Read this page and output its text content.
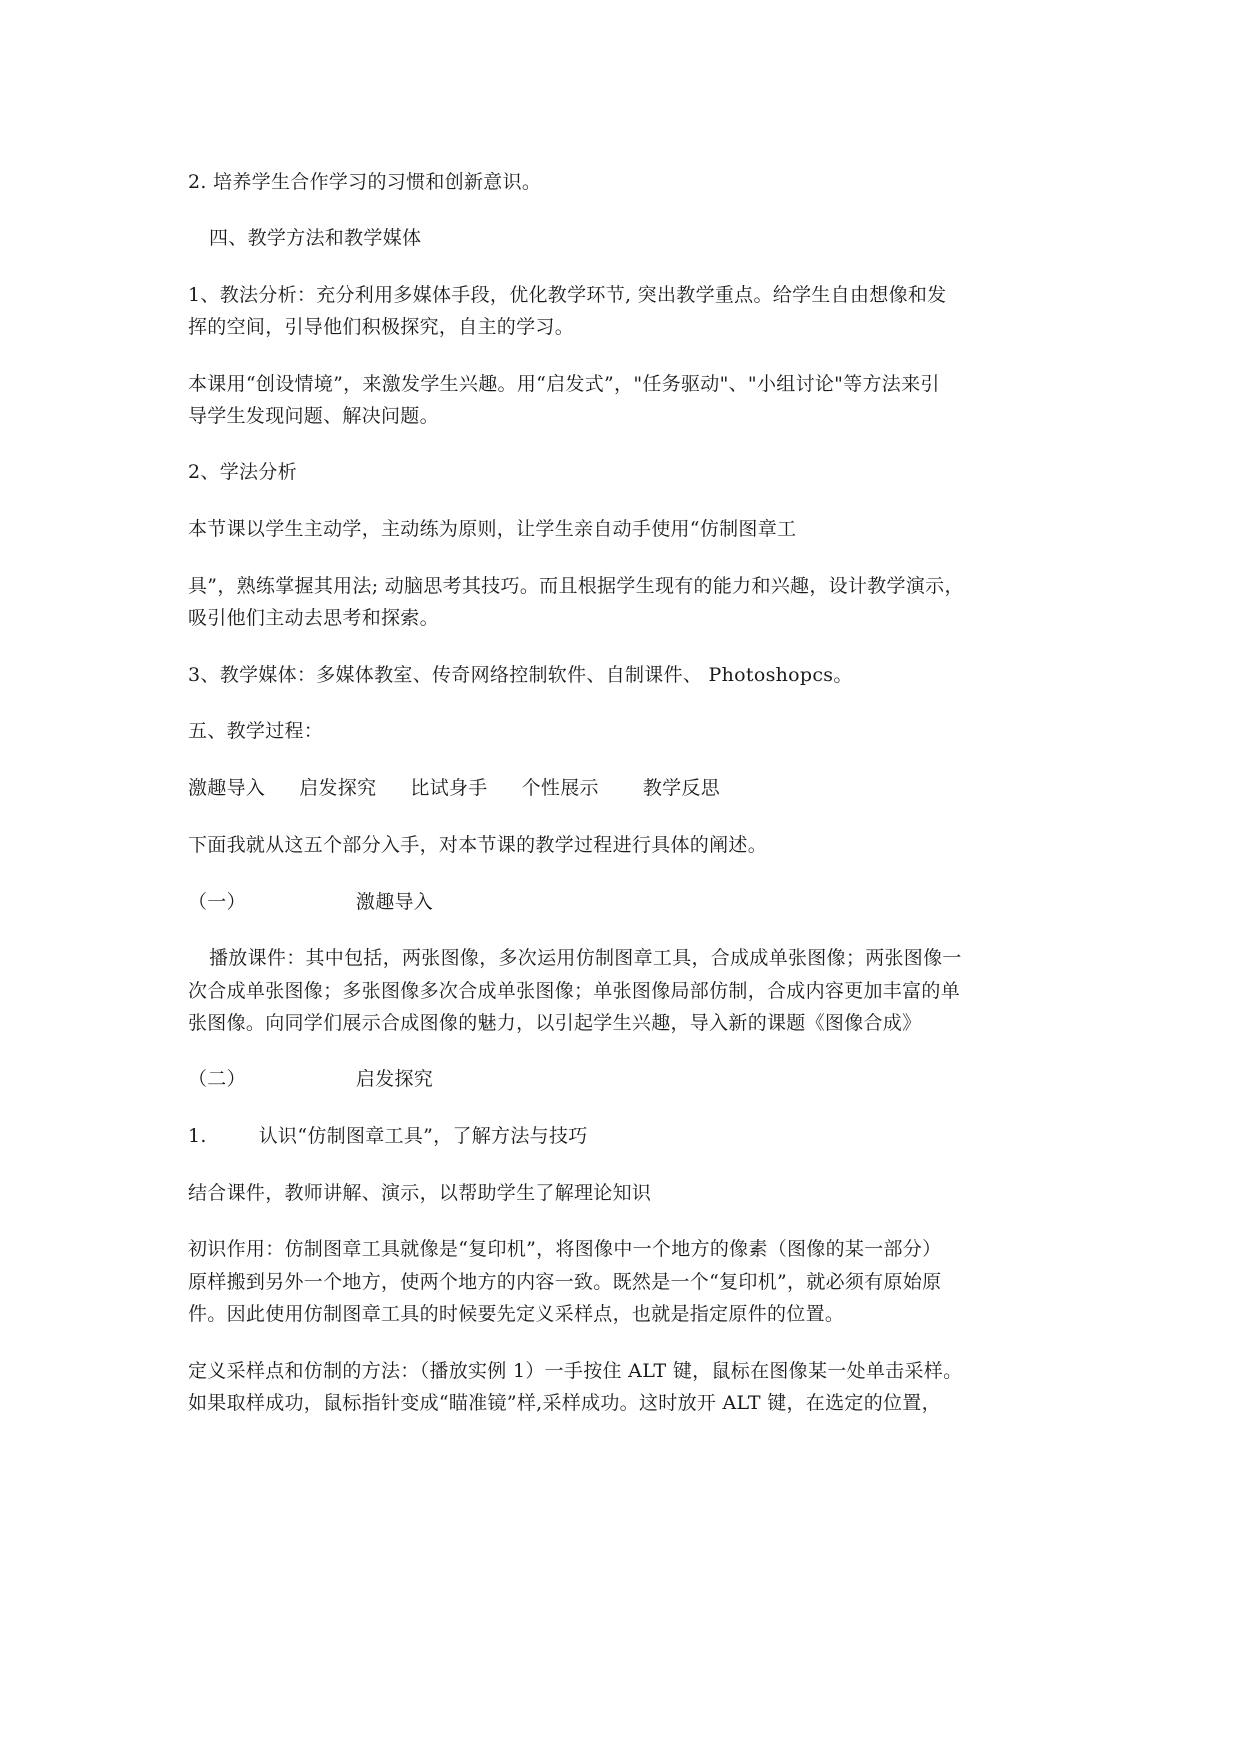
2. 培养学生合作学习的习惯和创新意识。

四、教学方法和教学媒体

1、教法分析：充分利用多媒体手段，优化教学环节, 突出教学重点。给学生自由想像和发

挥的空间，引导他们积极探究，自主的学习。

本课用“创设情境”，来激发学生兴趣。用“启发式”，"任务驱动"、"小组讨论"等方法来引

导学生发现问题、解决问题。

2、学法分析

本节课以学生主动学，主动练为原则，让学生亲自动手使用“仿制图章工

具”，熟练掌握其用法; 动脑思考其技巧。而且根据学生现有的能力和兴趣，设计教学演示，

吸引他们主动去思考和探索。

3、教学媒体：多媒体教室、传奇网络控制软件、自制课件、 Photoshopcs。

五、教学过程：

激趣导入 启发探究 比试身手 个性展示 教学反思

下面我就从这五个部分入手，对本节课的教学过程进行具体的阐述。

（一）	激趣导入

播放课件：其中包括，两张图像，多次运用仿制图章工具，合成成单张图像；两张图像一

次合成单张图像；多张图像多次合成单张图像；单张图像局部仿制，合成内容更加丰富的单

张图像。向同学们展示合成图像的魅力，以引起学生兴趣，导入新的课题《图像合成》

（二）	启发探究

1.	认识“仿制图章工具”，了解方法与技巧

结合课件，教师讲解、演示，以帮助学生了解理论知识

初识作用：仿制图章工具就像是“复印机”，将图像中一个地方的像素（图像的某一部分）

原样搬到另外一个地方，使两个地方的内容一致。既然是一个“复印机”，就必须有原始原

件。因此使用仿制图章工具的时候要先定义采样点，也就是指定原件的位置。

定义采样点和仿制的方法：（播放实例 1）一手按住 ALT 键，鼠标在图像某一处单击采样。

如果取样成功，鼠标指针变成“瞄准镜”样,采样成功。这时放开 ALT 键，在选定的位置，
